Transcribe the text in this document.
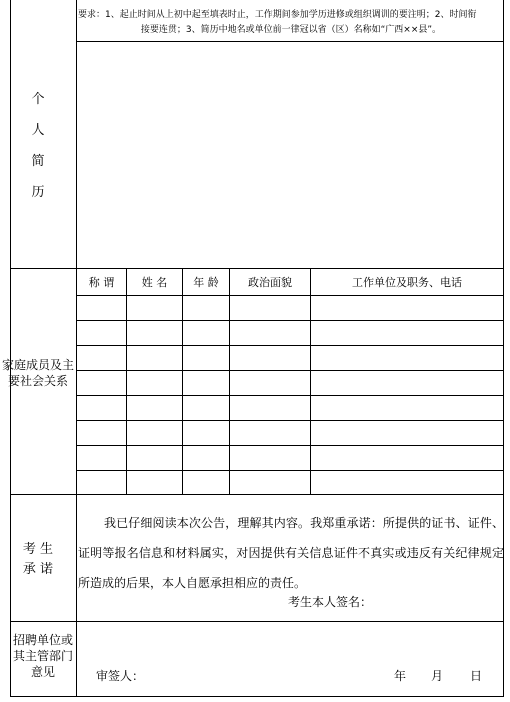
要求：1、起止时间从上初中起至填表时止，工作期间参加学历进修或组织调训的要注明；2、时间衔
接要连贯；3、简历中地名或单位前一律冠以省（区）名称如“广西××县”。
个
人
简
历
家庭成员及主要社会关系
称 谓	姓 名	年 龄	政治面貌	工作单位及职务、电话
考 生
承 诺
我已仔细阅读本次公告，理解其内容。我郑重承诺：所提供的证书、证件、证明等报名信息和材料属实，对因提供有关信息证件不真实或违反有关纪律规定所造成的后果，本人自愿承担相应的责任。
考生本人签名：
招聘单位或其主管部门意见	审签人：	年 月 日
